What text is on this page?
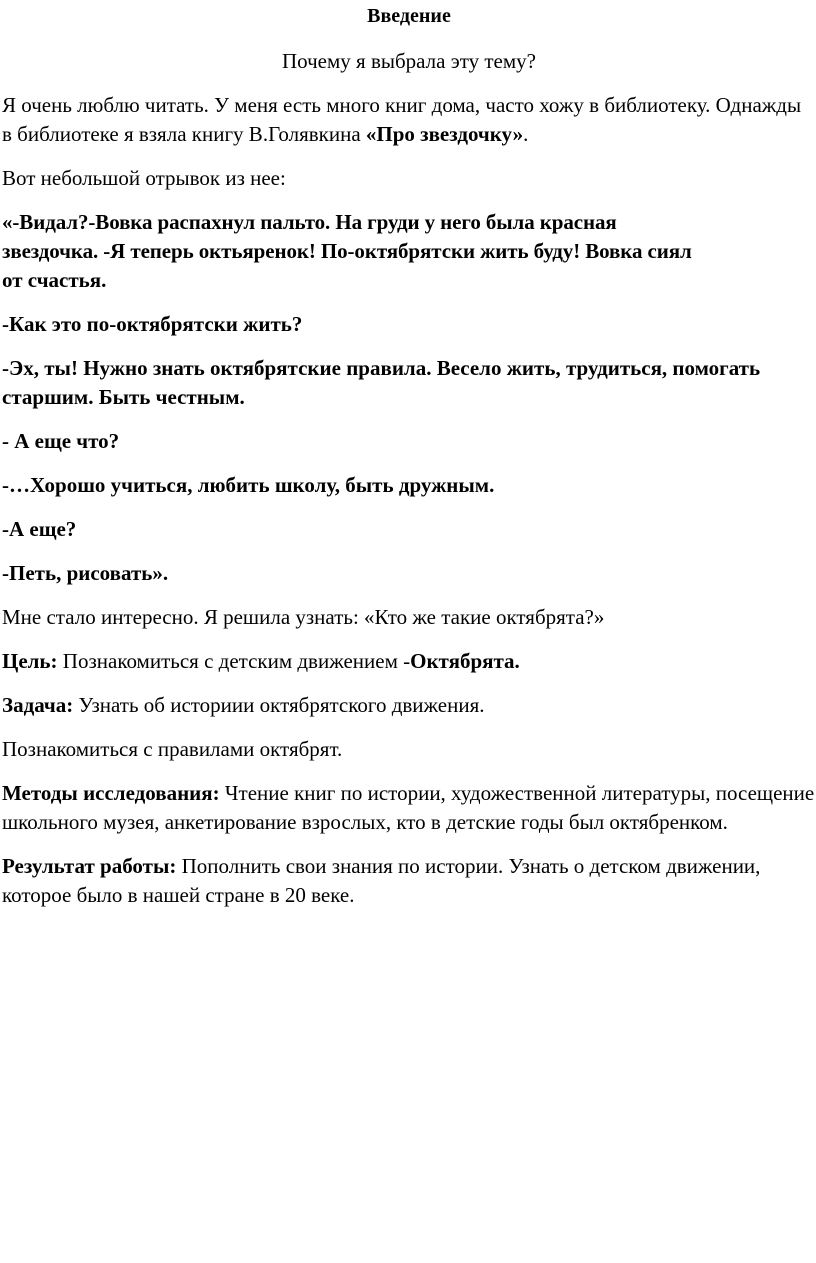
Введение
Почему я выбрала эту тему?

Я очень люблю читать. У меня есть много книг дома, часто хожу в библиотеку. Однажды в библиотеке я взяла книгу В.Голявкина «Про звездочку».

Вот небольшой отрывок из нее:

«-Видал?-Вовка распахнул пальто. На груди у него была красная
звездочка. -Я теперь октьяренок! По-октябрятски жить буду! Вовка сиял
от счастья.

-Как это по-октябрятски жить?

-Эх, ты! Нужно знать октябрятские правила. Весело жить, трудиться, помогать старшим. Быть честным.

- А еще что?

-…Хорошо учиться, любить школу, быть дружным.

-А еще?

-Петь, рисовать».

Мне стало интересно. Я решила узнать: «Кто же такие октябрята?»

Цель: Познакомиться с детским движением -Октябрята.

Задача: Узнать об историии октябрятского движения.

Познакомиться с правилами октябрят.

Методы исследования: Чтение книг по истории, художественной литературы, посещение школьного музея, анкетирование взрослых, кто в детские годы был октябренком.

Результат работы: Пополнить свои знания по истории. Узнать о детском движении, которое было в нашей стране в 20 веке.
